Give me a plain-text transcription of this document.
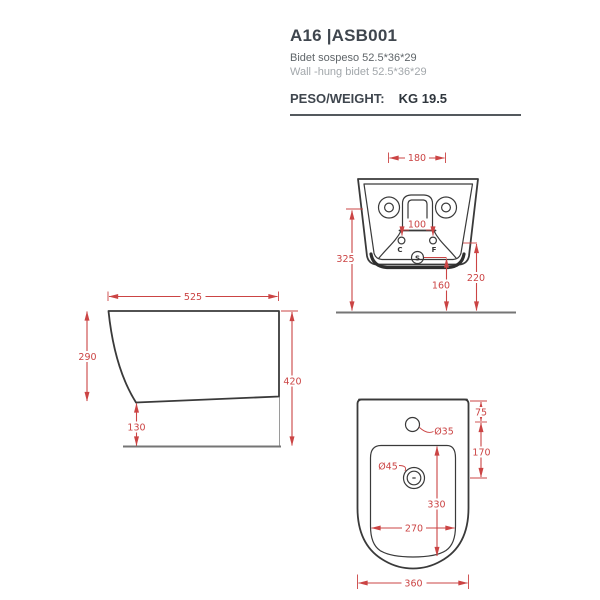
A16 |ASB001

Bidet sospeso 52.5*36*29

Wall -hung bidet 52.5*36*29

PESO/WEIGHT: KG 19.5

C	F
S
180
100
325
160
220
525
290
420
130
75
170
Ø35
Ø45
330
270
360
